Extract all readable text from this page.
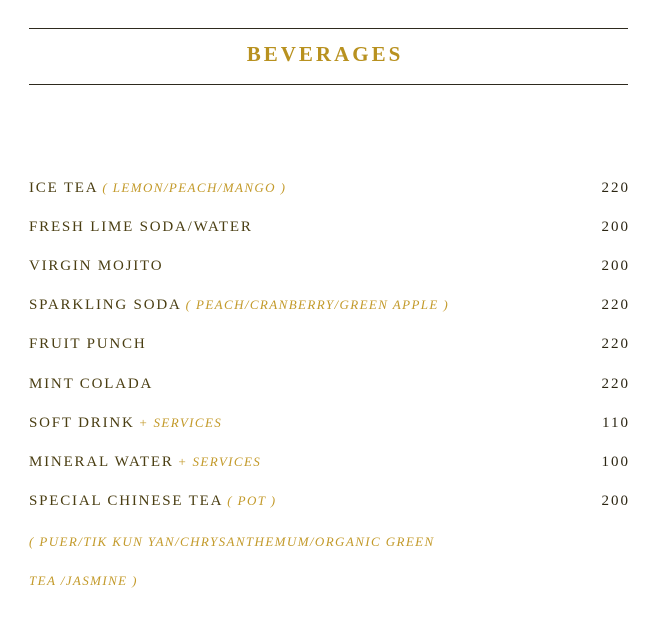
BEVERAGES
ICE TEA ( LEMON/PEACH/MANGO )	220
FRESH LIME SODA/WATER	200
VIRGIN MOJITO	200
SPARKLING SODA ( PEACH/CRANBERRY/GREEN APPLE )	220
FRUIT PUNCH	220
MINT COLADA	220
SOFT DRINK + SERVICES	110
MINERAL WATER + SERVICES	100
SPECIAL CHINESE TEA ( POT )	200
( PUER/TIK KUN YAN/CHRYSANTHEMUM/ORGANIC GREEN
TEA /JASMINE )
